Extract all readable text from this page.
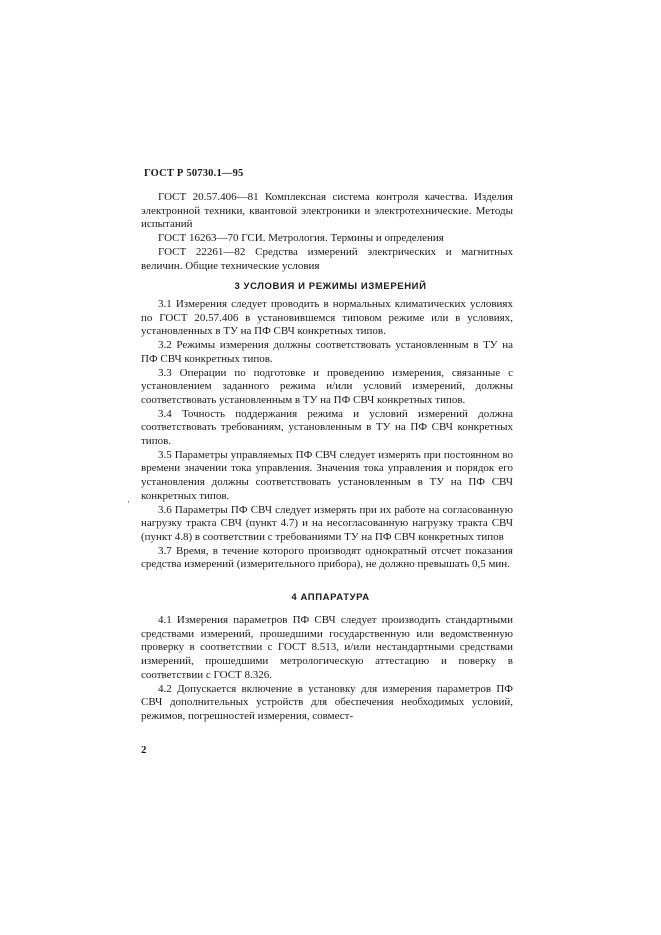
ГОСТ Р 50730.1—95

ГОСТ 20.57.406—81 Комплексная система контроля качества. Изделия электронной техники, квантовой электроники и электротехнические. Методы испытаний

ГОСТ 16263—70 ГСИ. Метрология. Термины и определения

ГОСТ 22261—82 Средства измерений электрических и магнитных величин. Общие технические условия

3 УСЛОВИЯ И РЕЖИМЫ ИЗМЕРЕНИЙ

3.1 Измерения следует проводить в нормальных климатических условиях по ГОСТ 20.57.406 в установившемся типовом режиме или в условиях, установленных в ТУ на ПФ СВЧ конкретных типов.

3.2 Режимы измерения должны соответствовать установленным в ТУ на ПФ СВЧ конкретных типов.

3.3 Операции по подготовке и проведению измерения, связанные с установлением заданного режима и/или условий измерений, должны соответствовать установленным в ТУ на ПФ СВЧ конкретных типов.

3.4 Точность поддержания режима и условий измерений должна соответствовать требованиям, установленным в ТУ на ПФ СВЧ конкретных типов.

3.5 Параметры управляемых ПФ СВЧ следует измерять при постоянном во времени значении тока управления. Значения тока управления и порядок его установления должны соответствовать установленным в ТУ на ПФ СВЧ конкретных типов.

3.6 Параметры ПФ СВЧ следует измерять при их работе на согласованную нагрузку тракта СВЧ (пункт 4.7) и на несогласованную нагрузку тракта СВЧ (пункт 4.8) в соответствии с требованиями ТУ на ПФ СВЧ конкретных типов

3.7 Время, в течение которого производят однократный отсчет показания средства измерений (измерительного прибора), не должно превышать 0,5 мин.

·
4 АППАРАТУРА

4.1 Измерения параметров ПФ СВЧ следует производить стандартными средствами измерений, прошедшими государственную или ведомственную проверку в соответствии с ГОСТ 8.513, и/или нестандартными средствами измерений, прошедшими метрологическую аттестацию и поверку в соответствии с ГОСТ 8.326.

4.2 Допускается включение в установку для измерения параметров ПФ СВЧ дополнительных устройств для обеспечения необходимых условий, режимов, погрешностей измерения, совмест-

2
